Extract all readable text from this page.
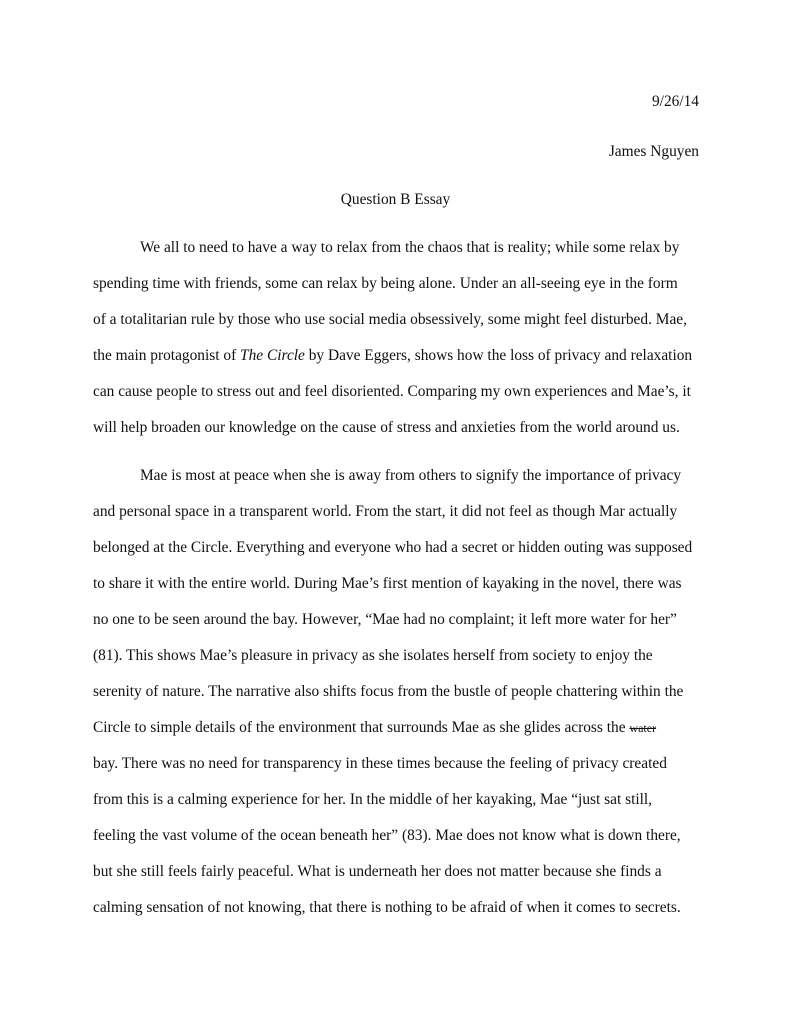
9/26/14
James Nguyen
Question B Essay
We all to need to have a way to relax from the chaos that is reality; while some relax by
spending time with friends, some can relax by being alone. Under an all-seeing eye in the form
of a totalitarian rule by those who use social media obsessively, some might feel disturbed. Mae,
the main protagonist of The Circle by Dave Eggers, shows how the loss of privacy and relaxation
can cause people to stress out and feel disoriented. Comparing my own experiences and Mae’s, it
will help broaden our knowledge on the cause of stress and anxieties from the world around us.
Mae is most at peace when she is away from others to signify the importance of privacy
and personal space in a transparent world. From the start, it did not feel as though Mar actually
belonged at the Circle. Everything and everyone who had a secret or hidden outing was supposed
to share it with the entire world. During Mae’s first mention of kayaking in the novel, there was
no one to be seen around the bay. However, “Mae had no complaint; it left more water for her”
(81). This shows Mae’s pleasure in privacy as she isolates herself from society to enjoy the
serenity of nature. The narrative also shifts focus from the bustle of people chattering within the
Circle to simple details of the environment that surrounds Mae as she glides across the water
bay. There was no need for transparency in these times because the feeling of privacy created
from this is a calming experience for her. In the middle of her kayaking, Mae “just sat still,
feeling the vast volume of the ocean beneath her” (83). Mae does not know what is down there,
but she still feels fairly peaceful. What is underneath her does not matter because she finds a
calming sensation of not knowing, that there is nothing to be afraid of when it comes to secrets.
